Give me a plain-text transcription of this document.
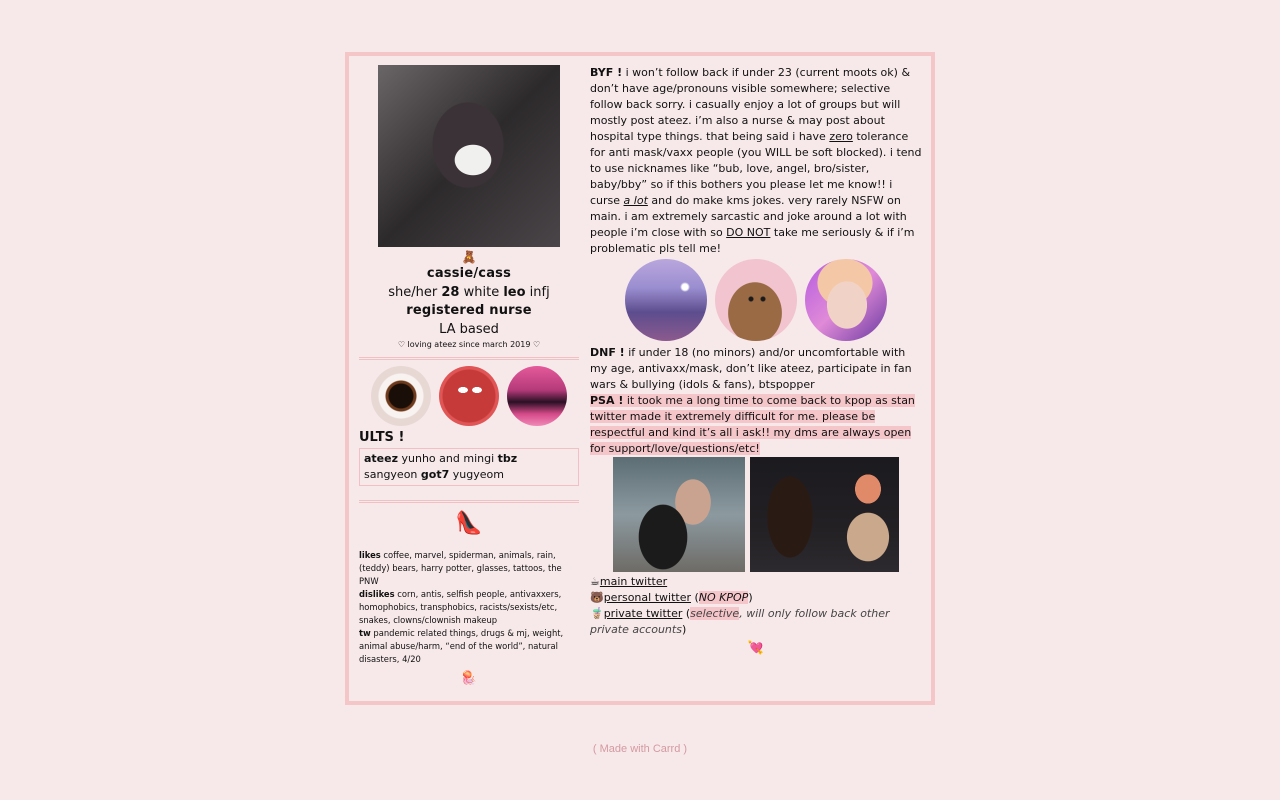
🧸
cassie/cass
she/her 28 white leo infj
registered nurse
LA based
♡ loving ateez since march 2019 ♡
ULTS !
ateez yunho and mingi tbz
sangyeon got7 yugyeom
👠
likes coffee, marvel, spiderman, animals, rain, (teddy) bears, harry potter, glasses, tattoos, the PNW
dislikes corn, antis, selfish people, antivaxxers, homophobics, transphobics, racists/sexists/etc, snakes, clowns/clownish makeup
tw pandemic related things, drugs & mj, weight, animal abuse/harm, “end of the world”, natural disasters, 4/20
🪼
BYF ! i won’t follow back if under 23 (current moots ok) & don’t have age/pronouns visible somewhere; selective follow back sorry. i casually enjoy a lot of groups but will mostly post ateez. i’m also a nurse & may post about hospital type things. that being said i have zero tolerance for anti mask/vaxx people (you WILL be soft blocked). i tend to use nicknames like “bub, love, angel, bro/sister, baby/bby” so if this bothers you please let me know!! i curse a lot and do make kms jokes. very rarely NSFW on main. i am extremely sarcastic and joke around a lot with people i’m close with so DO NOT take me seriously & if i’m problematic pls tell me!
DNF ! if under 18 (no minors) and/or uncomfortable with my age, antivaxx/mask, don’t like ateez, participate in fan wars & bullying (idols & fans), btspopper
PSA ! it took me a long time to come back to kpop as stan twitter made it extremely difficult for me. please be respectful and kind it’s all i ask!! my dms are always open for support/love/questions/etc!
☕main twitter
🐻personal twitter (NO KPOP)
🧋private twitter (selective, will only follow back other private accounts)
💘
( Made with Carrd )
